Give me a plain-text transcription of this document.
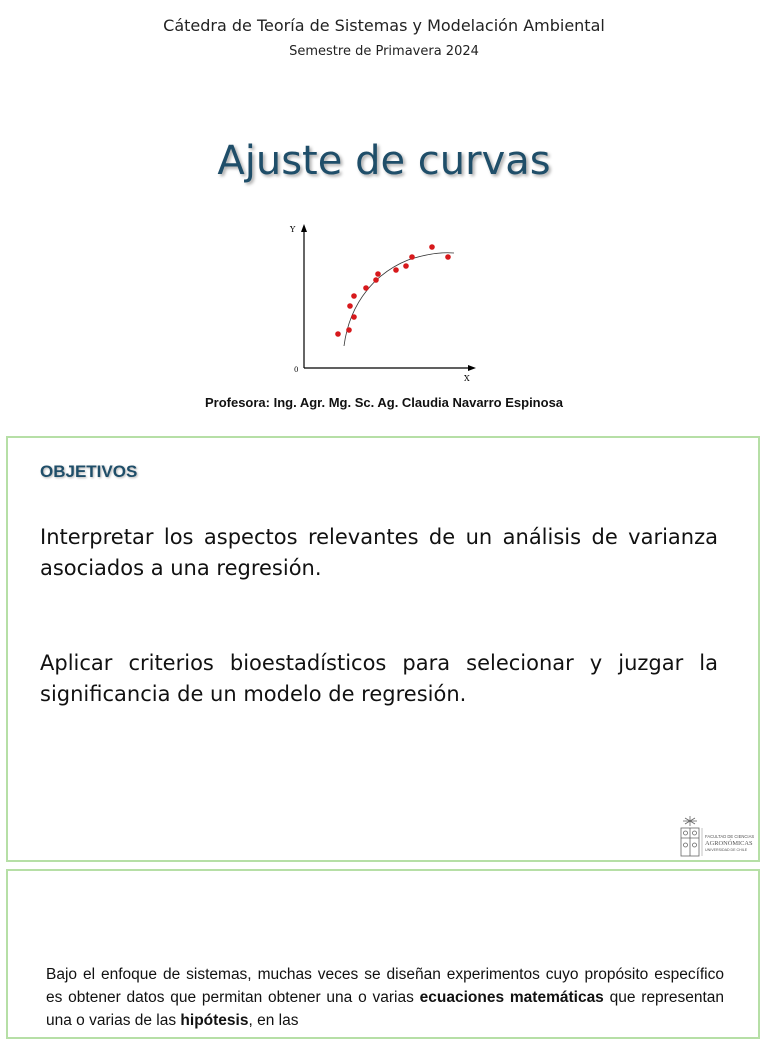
Cátedra de Teoría de Sistemas y Modelación Ambiental
Semestre de Primavera 2024
Ajuste de curvas
Y
X
0
Profesora: Ing. Agr. Mg. Sc. Ag. Claudia Navarro Espinosa
OBJETIVOS
Interpretar los aspectos relevantes de un análisis de varianza asociados a una regresión.
Aplicar criterios bioestadísticos para selecionar y juzgar la significancia de un modelo de regresión.
FACULTAD DE CIENCIAS
AGRONÓMICAS
UNIVERSIDAD DE CHILE
Bajo el enfoque de sistemas, muchas veces se diseñan experimentos cuyo propósito específico es obtener datos que permitan obtener una o varias ecuaciones matemáticas que representan una o varias de las hipótesis, en las
